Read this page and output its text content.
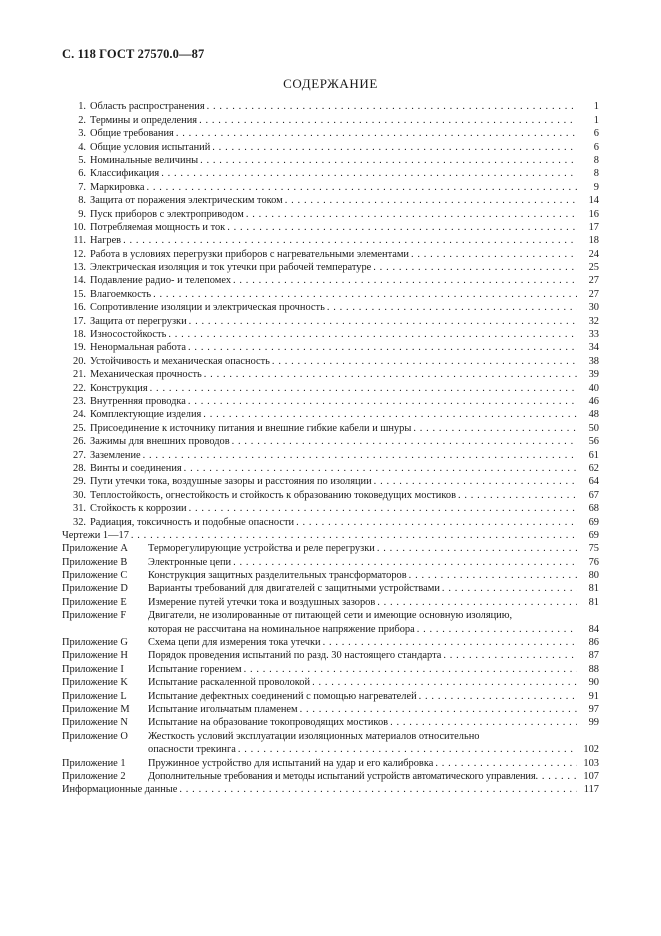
С. 118 ГОСТ 27570.0—87
СОДЕРЖАНИЕ
1. Область распространения . . .	1
2. Термины и определения . . .	1
3. Общие требования . . .	6
4. Общие условия испытаний . . .	6
5. Номинальные величины . . .	8
6. Классификация . . .	8
7. Маркировка . . .	9
8. Защита от поражения электрическим током . . .	14
9. Пуск приборов с электроприводом . . .	16
10. Потребляемая мощность и ток . . .	17
11. Нагрев . . .	18
12. Работа в условиях перегрузки приборов с нагревательными элементами . . .	24
13. Электрическая изоляция и ток утечки при рабочей температуре . . .	25
14. Подавление радио- и телепомех . . .	27
15. Влагоемкость . . .	27
16. Сопротивление изоляции и электрическая прочность . . .	30
17. Защита от перегрузки . . .	32
18. Износостойкость . . .	33
19. Ненормальная работа . . .	34
20. Устойчивость и механическая опасность . . .	38
21. Механическая прочность . . .	39
22. Конструкция . . .	40
23. Внутренняя проводка . . .	46
24. Комплектующие изделия . . .	48
25. Присоединение к источнику питания и внешние гибкие кабели и шнуры . . .	50
26. Зажимы для внешних проводов . . .	56
27. Заземление . . .	61
28. Винты и соединения . . .	62
29. Пути утечки тока, воздушные зазоры и расстояния по изоляции . . .	64
30. Теплостойкость, огнестойкость и стойкость к образованию токоведущих мостиков . . .	67
31. Стойкость к коррозии . . .	68
32. Радиация, токсичность и подобные опасности . . .	69
Чертежи 1—17 . . .	69
Приложение A	Терморегулирующие устройства и реле перегрузки . . .	75
Приложение B	Электронные цепи . . .	76
Приложение C	Конструкция защитных разделительных трансформаторов . . .	80
Приложение D	Варианты требований для двигателей с защитными устройствами . . .	81
Приложение E	Измерение путей утечки тока и воздушных зазоров . . .	81
Приложение F	Двигатели, не изолированные от питающей сети и имеющие основную изоляцию,
которая не рассчитана на номинальное напряжение прибора . . .	84
Приложение G	Схема цепи для измерения тока утечки . . .	86
Приложение H	Порядок проведения испытаний по разд. 30 настоящего стандарта . . .	87
Приложение I	Испытание горением . . .	88
Приложение K	Испытание раскаленной проволокой . . .	90
Приложение L	Испытание дефектных соединений с помощью нагревателей . . .	91
Приложение M	Испытание игольчатым пламенем . . .	97
Приложение N	Испытание на образование токопроводящих мостиков . . .	99
Приложение O	Жесткость условий эксплуатации изоляционных материалов относительно
опасности трекинга . . .	102
Приложение 1	Пружинное устройство для испытаний на удар и его калибровка . . .	103
Приложение 2	Дополнительные требования и методы испытаний устройств автоматического управления . . .	107
Информационные данные . . .	117
